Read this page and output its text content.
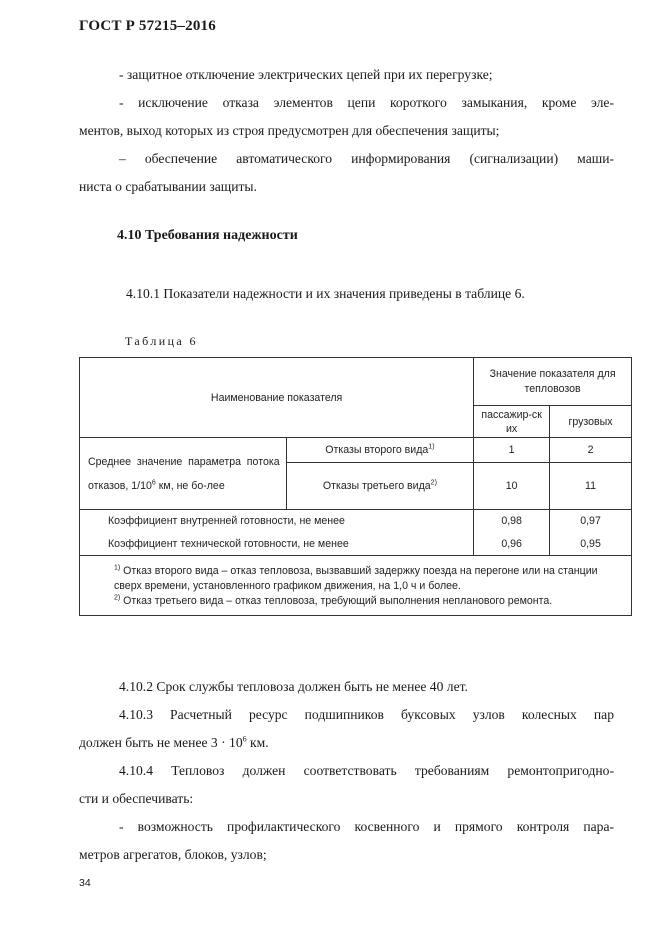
ГОСТ Р 57215–2016
- защитное отключение электрических цепей при их перегрузке;

- исключение отказа элементов цепи короткого замыкания, кроме эле-
ментов, выход которых из строя предусмотрен для обеспечения защиты;

– обеспечение автоматического информирования (сигнализации) маши-
ниста о срабатывании защиты.
4.10 Требования надежности
4.10.1 Показатели надежности и их значения приведены в таблице 6.
Таблица 6
Наименование показателя		Значение показателя для тепловозов	
		пассажир-ских	грузовых
Среднее значение параметра потока отказов, $1/10^6$ км, не бо-лее	Отказы второго вида$^{1)}$	1	2
	Отказы третьего вида$^{2)}$	10	11
Коэффициент внутренней готовности, не менее		0,98	0,97
Коэффициент технической готовности, не менее		0,96	0,95

$^{1)}$ Отказ второго вида – отказ тепловоза, вызвавший задержку поезда на перегоне или на станции сверх времени, установленного графиком движения, на 1,0 ч и более.
$^{2)}$ Отказ третьего вида – отказ тепловоза, требующий выполнения непланового ремонта.			
4.10.2 Срок службы тепловоза должен быть не менее 40 лет.

4.10.3 Расчетный ресурс подшипников буксовых узлов колесных пар
должен быть не менее $3 \cdot 10^6$ км.

4.10.4 Тепловоз должен соответствовать требованиям ремонтопригодно-
сти и обеспечивать:

- возможность профилактического косвенного и прямого контроля пара-
метров агрегатов, блоков, узлов;
34
